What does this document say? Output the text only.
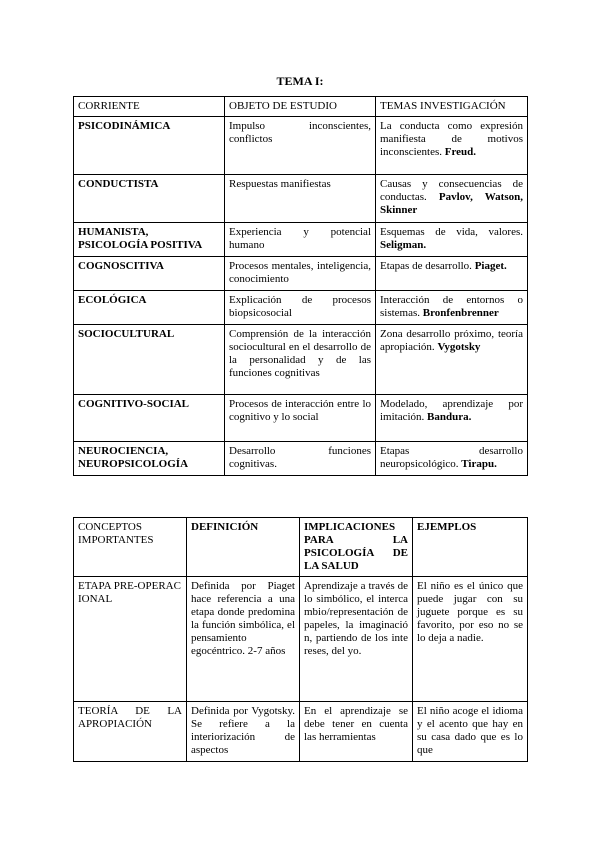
TEMA I:
CORRIENTE	OBJETO DE ESTUDIO	TEMAS INVESTIGACIÓN
PSICODINÁMICA	Impulso inconscientes, conflictos	La conducta como expresión manifiesta de motivos inconscientes. Freud.
CONDUCTISTA	Respuestas manifiestas	Causas y consecuencias de conductas. Pavlov, Watson, Skinner
HUMANISTA, PSICOLOGÍA POSITIVA	Experiencia y potencial humano	Esquemas de vida, valores. Seligman.
COGNOSCITIVA	Procesos mentales, inteligencia, conocimiento	Etapas de desarrollo. Piaget.
ECOLÓGICA	Explicación de procesos biopsicosocial	Interacción de entornos o sistemas. Bronfenbrenner
SOCIOCULTURAL	Comprensión de la interacción sociocultural en el desarrollo de la personalidad y de las funciones cognitivas	Zona desarrollo próximo, teoría apropiación. Vygotsky
COGNITIVO-SOCIAL	Procesos de interacción entre lo cognitivo y lo social	Modelado, aprendizaje por imitación. Bandura.
NEUROCIENCIA, NEUROPSICOLOGÍA	Desarrollo funciones cognitivas.	Etapas desarrollo neuropsicológico. Tirapu.
CONCEPTOS IMPORTANTES	DEFINICIÓN	IMPLICACIONES PARA LA PSICOLOGÍA DE LA SALUD	EJEMPLOS
ETAPA PRE-OPERACIONAL	Definida por Piaget hace referencia a una etapa donde predomina la función simbólica, el pensamiento egocéntrico. 2-7 años	Aprendizaje a través de lo simbólico, el intercambio/representación de papeles, la imaginación, partiendo de los intereses, del yo.	El niño es el único que puede jugar con su juguete porque es su favorito, por eso no se lo deja a nadie.
TEORÍA DE LA APROPIACIÓN	Definida por Vygotsky. Se refiere a la interiorización de aspectos	En el aprendizaje se debe tener en cuenta las herramientas	El niño acoge el idioma y el acento que hay en su casa dado que es lo que
